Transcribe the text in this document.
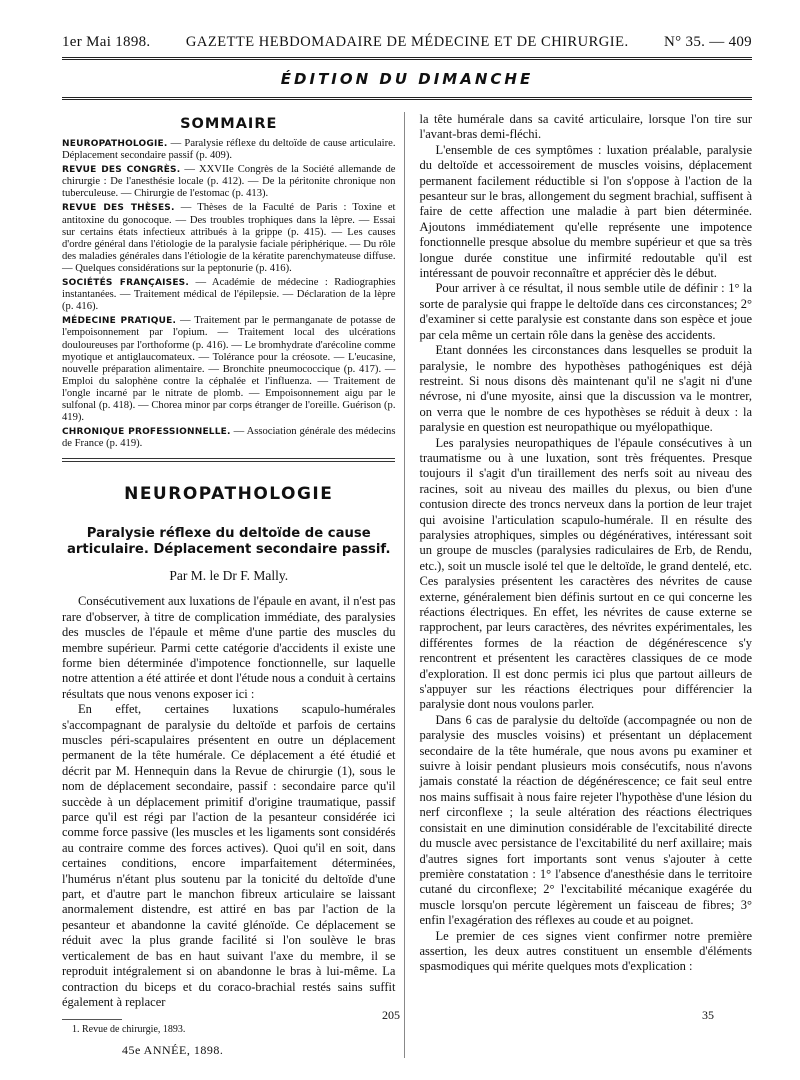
1er Mai 1898. GAZETTE HEBDOMADAIRE DE MÉDECINE ET DE CHIRURGIE. N° 35. — 409
ÉDITION DU DIMANCHE
SOMMAIRE
NEUROPATHOLOGIE. — Paralysie réflexe du deltoïde de cause articulaire. Déplacement secondaire passif (p. 409).
REVUE DES CONGRÈS. — XXVIIe Congrès de la Société allemande de chirurgie : De l'anesthésie locale (p. 412). — De la péritonite chronique non tuberculeuse. — Chirurgie de l'estomac (p. 413).
REVUE DES THÈSES. — Thèses de la Faculté de Paris : Toxine et antitoxine du gonocoque. — Des troubles trophiques dans la lèpre. — Essai sur certains états infectieux attribués à la grippe (p. 415). — Les causes d'ordre général dans l'étiologie de la paralysie faciale périphérique. — Du rôle des maladies générales dans l'étiologie de la kératite parenchymateuse diffuse. — Quelques considérations sur la peptonurie (p. 416).
SOCIÉTÉS FRANÇAISES. — Académie de médecine : Radiographies instantanées. — Traitement médical de l'épilepsie. — Déclaration de la lèpre (p. 416).
MÉDECINE PRATIQUE. — Traitement par le permanganate de potasse de l'empoisonnement par l'opium. — Traitement local des ulcérations douloureuses par l'orthoforme (p. 416). — Le bromhydrate d'arécoline comme myotique et antiglaucomateux. — Tolérance pour la créosote. — L'eucasine, nouvelle préparation alimentaire. — Bronchite pneumococcique (p. 417). — Emploi du salophène contre la céphalée et l'influenza. — Traitement de l'ongle incarné par le nitrate de plomb. — Empoisonnement aigu par le sulfonal (p. 418). — Chorea minor par corps étranger de l'oreille. Guérison (p. 419).
CHRONIQUE PROFESSIONNELLE. — Association générale des médecins de France (p. 419).
NEUROPATHOLOGIE
Paralysie réflexe du deltoïde de cause articulaire. Déplacement secondaire passif.
Par M. le Dr F. Mally.

Consécutivement aux luxations de l'épaule en avant, il n'est pas rare d'observer, à titre de complication immédiate, des paralysies des muscles de l'épaule et même d'une partie des muscles du membre supérieur. Parmi cette catégorie d'accidents il existe une forme bien déterminée d'impotence fonctionnelle, sur laquelle notre attention a été attirée et dont l'étude nous a conduit à certains résultats que nous venons exposer ici :

En effet, certaines luxations scapulo-humérales s'accompagnant de paralysie du deltoïde et parfois de certains muscles péri-scapulaires présentent en outre un déplacement permanent de la tête humérale. Ce déplacement a été étudié et décrit par M. Hennequin dans la Revue de chirurgie (1), sous le nom de déplacement secondaire, passif : secondaire parce qu'il succède à un déplacement primitif d'origine traumatique, passif parce qu'il est régi par l'action de la pesanteur considérée ici comme force passive (les muscles et les ligaments sont considérés au contraire comme des forces actives). Quoi qu'il en soit, dans certaines conditions, encore imparfaitement déterminées, l'humérus n'étant plus soutenu par la tonicité du deltoïde d'une part, et d'autre part le manchon fibreux articulaire se laissant anormalement distendre, est attiré en bas par l'action de la pesanteur et abandonne la cavité glénoïde. Ce déplacement se réduit avec la plus grande facilité si l'on soulève le bras verticalement de bas en haut suivant l'axe du membre, il se reproduit intégralement si on abandonne le bras à lui-même. La contraction du biceps et du coraco-brachial restés sains suffit également à replacer

1. Revue de chirurgie, 1893.
45e ANNÉE, 1898.

la tête humérale dans sa cavité articulaire, lorsque l'on tire sur l'avant-bras demi-fléchi.

L'ensemble de ces symptômes : luxation préalable, paralysie du deltoïde et accessoirement de muscles voisins, déplacement permanent facilement réductible si l'on s'oppose à l'action de la pesanteur sur le bras, allongement du segment brachial, suffisent à faire de cette affection une maladie à part bien déterminée. Ajoutons immédiatement qu'elle représente une impotence fonctionnelle presque absolue du membre supérieur et que sa très longue durée constitue une infirmité redoutable qu'il est intéressant de pouvoir reconnaître et apprécier dès le début.

Pour arriver à ce résultat, il nous semble utile de définir : 1° la sorte de paralysie qui frappe le deltoïde dans ces circonstances; 2° d'examiner si cette paralysie est constante dans son espèce et joue par cela même un certain rôle dans la genèse des accidents.

Etant données les circonstances dans lesquelles se produit la paralysie, le nombre des hypothèses pathogéniques est déjà restreint. Si nous disons dès maintenant qu'il ne s'agit ni d'une névrose, ni d'une myosite, ainsi que la discussion va le montrer, on verra que le nombre de ces hypothèses se réduit à deux : la paralysie en question est neuropathique ou myélopathique.

Les paralysies neuropathiques de l'épaule consécutives à un traumatisme ou à une luxation, sont très fréquentes. Presque toujours il s'agit d'un tiraillement des nerfs soit au niveau des racines, soit au niveau des mailles du plexus, ou bien d'une contusion directe des troncs nerveux dans la portion de leur trajet qui avoisine l'articulation scapulo-humérale. Il en résulte des paralysies atrophiques, simples ou dégénératives, intéressant soit un groupe de muscles (paralysies radiculaires de Erb, de Rendu, etc.), soit un muscle isolé tel que le deltoïde, le grand dentelé, etc. Ces paralysies présentent les caractères des névrites de cause externe, généralement bien définis surtout en ce qui concerne les réactions électriques. En effet, les névrites de cause externe se rapprochent, par leurs caractères, des névrites expérimentales, les différentes formes de la réaction de dégénérescence s'y rencontrent et présentent les caractères classiques de ce mode d'exploration. Il est donc permis ici plus que partout ailleurs de s'appuyer sur les réactions électriques pour différencier la paralysie dont nous voulons parler.

Dans 6 cas de paralysie du deltoïde (accompagnée ou non de paralysie des muscles voisins) et présentant un déplacement secondaire de la tête humérale, que nous avons pu examiner et suivre à loisir pendant plusieurs mois consécutifs, nous n'avons jamais constaté la réaction de dégénérescence; ce fait seul entre nos mains suffisait à nous faire rejeter l'hypothèse d'une lésion du nerf circonflexe ; la seule altération des réactions électriques consistait en une diminution considérable de l'excitabilité directe du muscle avec persistance de l'excitabilité du nerf axillaire; mais d'autres signes fort importants sont venus s'ajouter à cette première constatation : 1° l'absence d'anesthésie dans le territoire cutané du circonflexe; 2° l'excitabilité mécanique exagérée du muscle lorsqu'on percute légèrement un faisceau de fibres; 3° enfin l'exagération des réflexes au coude et au poignet.

Le premier de ces signes vient confirmer notre première assertion, les deux autres constituent un ensemble d'éléments spasmodiques qui mérite quelques mots d'explication :

205	35
